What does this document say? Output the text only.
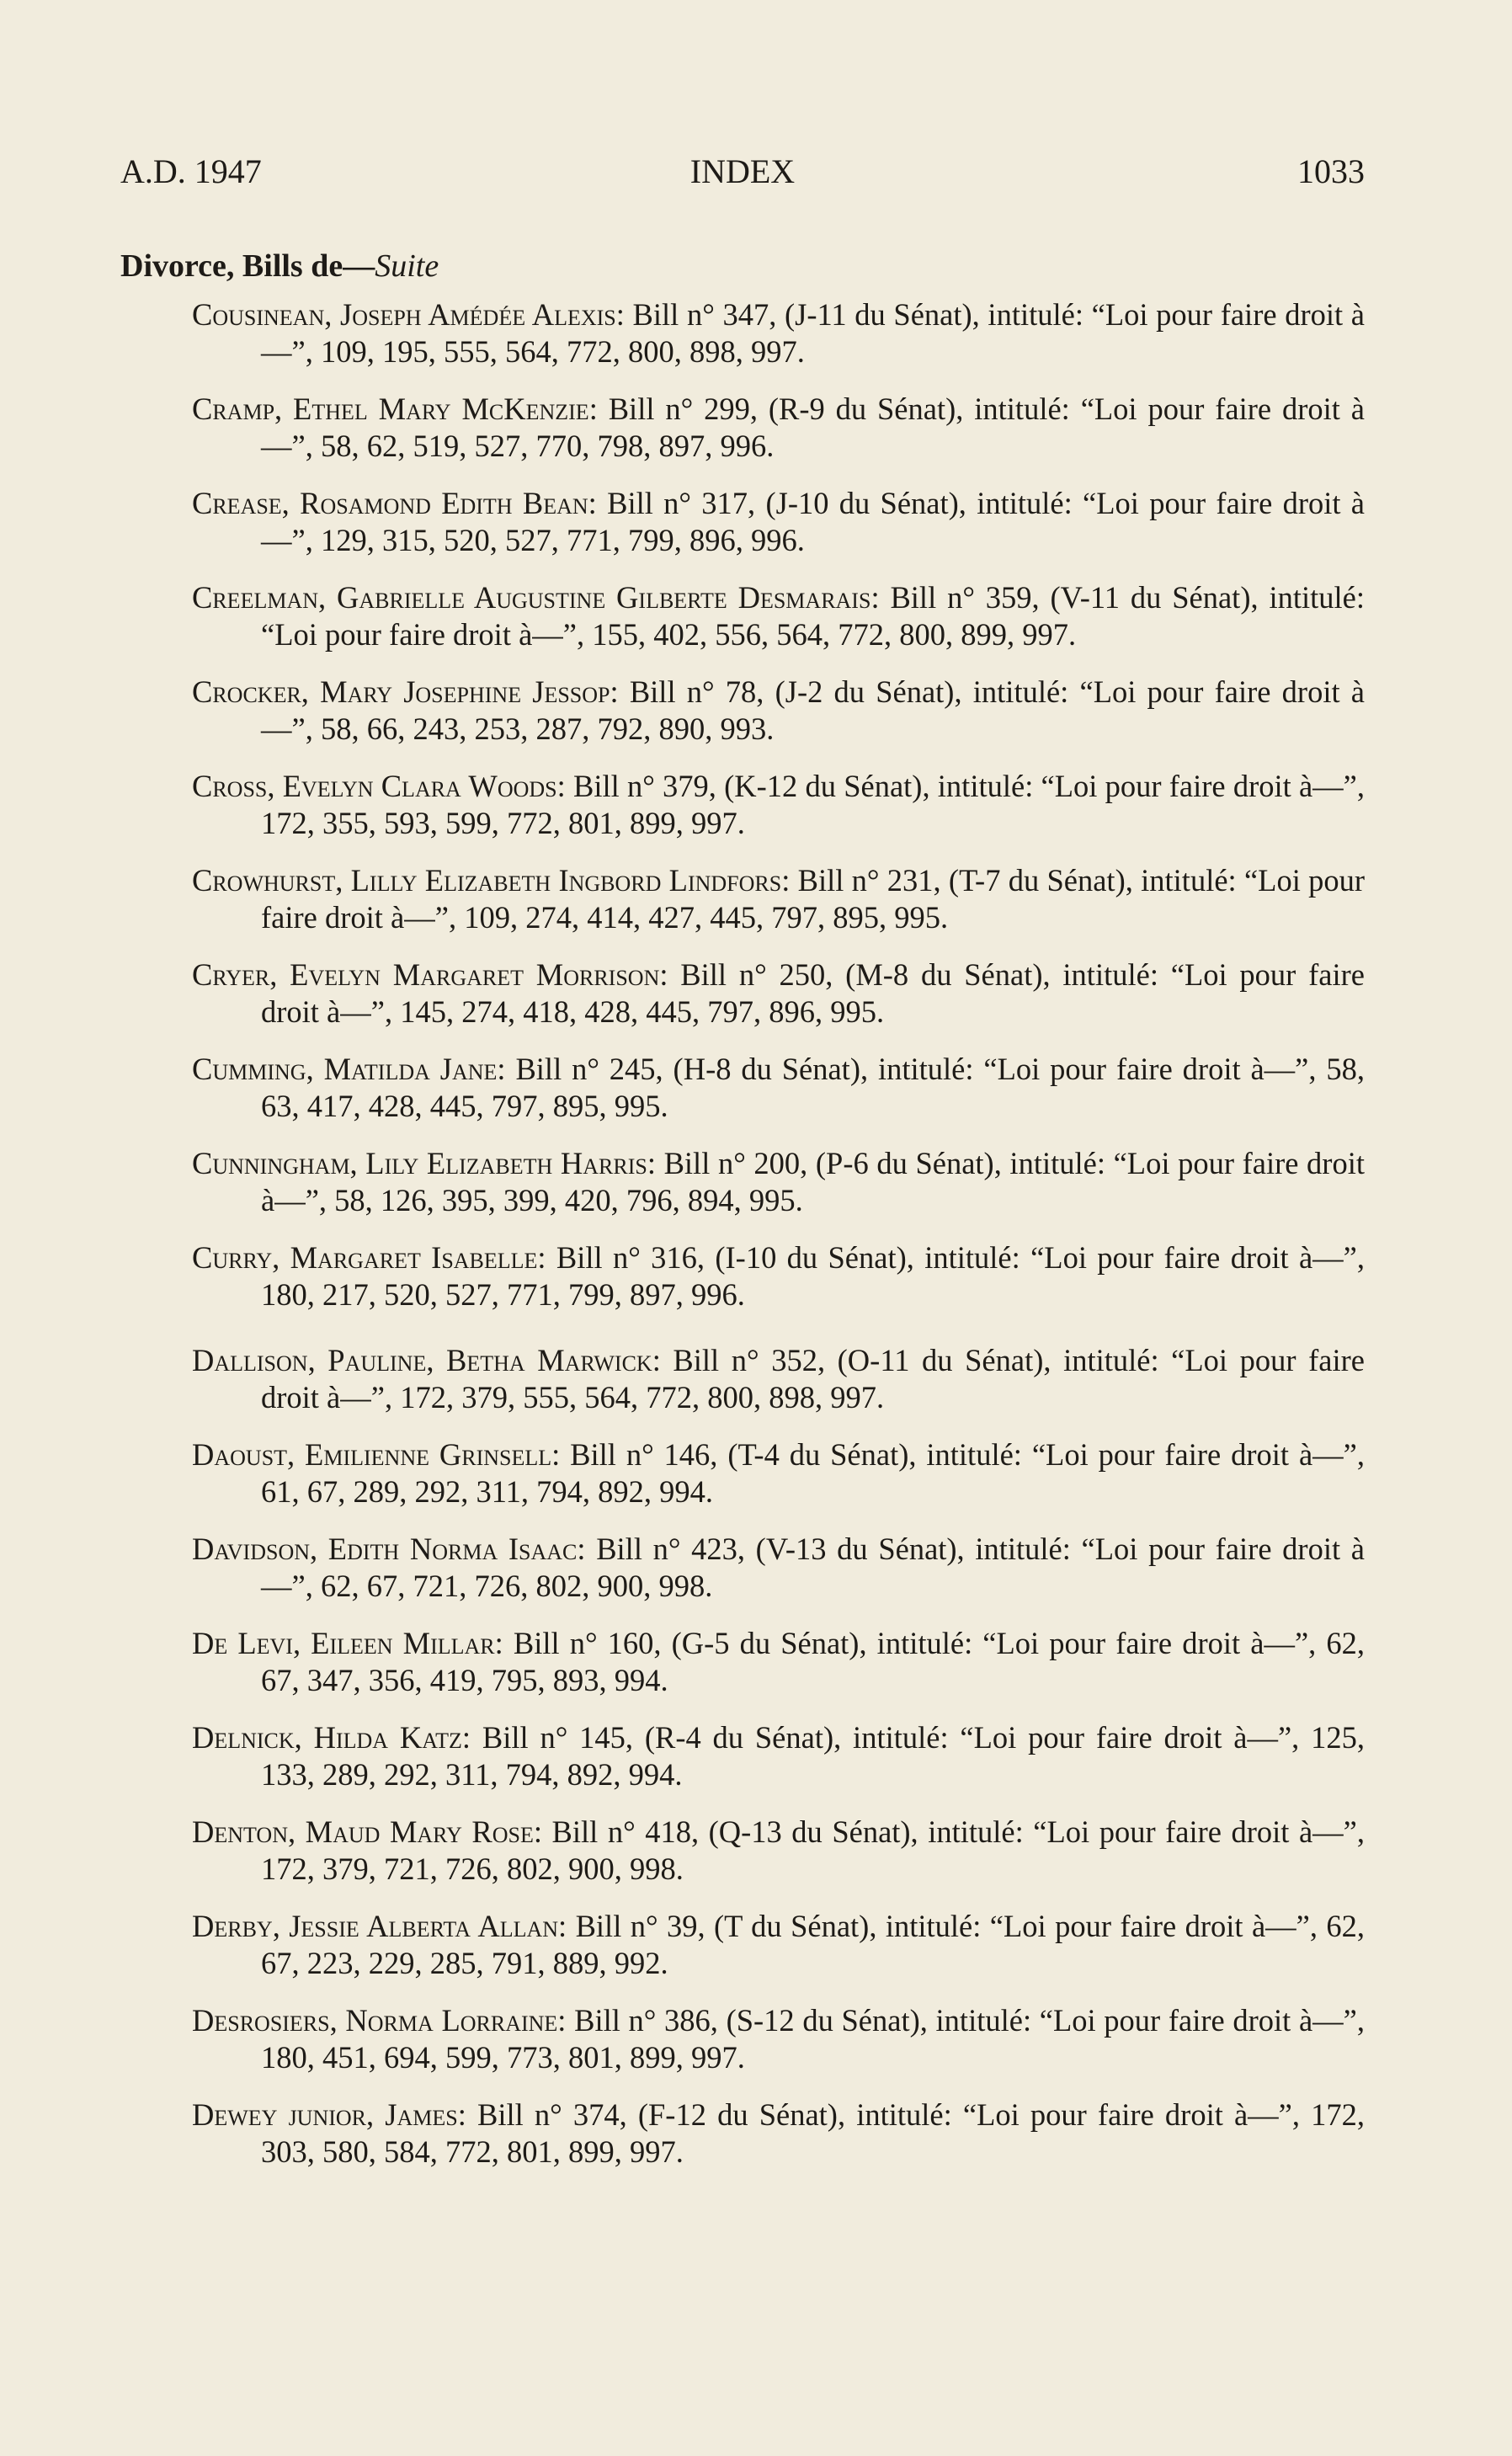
A.D. 1947	INDEX	1033
Divorce, Bills de—Suite
Cousinean, Joseph Amédée Alexis: Bill n° 347, (J-11 du Sénat), intitulé: “Loi pour faire droit à—”, 109, 195, 555, 564, 772, 800, 898, 997.
Cramp, Ethel Mary McKenzie: Bill n° 299, (R-9 du Sénat), intitulé: “Loi pour faire droit à—”, 58, 62, 519, 527, 770, 798, 897, 996.
Crease, Rosamond Edith Bean: Bill n° 317, (J-10 du Sénat), intitulé: “Loi pour faire droit à—”, 129, 315, 520, 527, 771, 799, 896, 996.
Creelman, Gabrielle Augustine Gilberte Desmarais: Bill n° 359, (V-11 du Sénat), intitulé: “Loi pour faire droit à—”, 155, 402, 556, 564, 772, 800, 899, 997.
Crocker, Mary Josephine Jessop: Bill n° 78, (J-2 du Sénat), intitulé: “Loi pour faire droit à—”, 58, 66, 243, 253, 287, 792, 890, 993.
Cross, Evelyn Clara Woods: Bill n° 379, (K-12 du Sénat), intitulé: “Loi pour faire droit à—”, 172, 355, 593, 599, 772, 801, 899, 997.
Crowhurst, Lilly Elizabeth Ingbord Lindfors: Bill n° 231, (T-7 du Sénat), intitulé: “Loi pour faire droit à—”, 109, 274, 414, 427, 445, 797, 895, 995.
Cryer, Evelyn Margaret Morrison: Bill n° 250, (M-8 du Sénat), intitulé: “Loi pour faire droit à—”, 145, 274, 418, 428, 445, 797, 896, 995.
Cumming, Matilda Jane: Bill n° 245, (H-8 du Sénat), intitulé: “Loi pour faire droit à—”, 58, 63, 417, 428, 445, 797, 895, 995.
Cunningham, Lily Elizabeth Harris: Bill n° 200, (P-6 du Sénat), intitulé: “Loi pour faire droit à—”, 58, 126, 395, 399, 420, 796, 894, 995.
Curry, Margaret Isabelle: Bill n° 316, (I-10 du Sénat), intitulé: “Loi pour faire droit à—”, 180, 217, 520, 527, 771, 799, 897, 996.
Dallison, Pauline, Betha Marwick: Bill n° 352, (O-11 du Sénat), intitulé: “Loi pour faire droit à—”, 172, 379, 555, 564, 772, 800, 898, 997.
Daoust, Emilienne Grinsell: Bill n° 146, (T-4 du Sénat), intitulé: “Loi pour faire droit à—”, 61, 67, 289, 292, 311, 794, 892, 994.
Davidson, Edith Norma Isaac: Bill n° 423, (V-13 du Sénat), intitulé: “Loi pour faire droit à—”, 62, 67, 721, 726, 802, 900, 998.
De Levi, Eileen Millar: Bill n° 160, (G-5 du Sénat), intitulé: “Loi pour faire droit à—”, 62, 67, 347, 356, 419, 795, 893, 994.
Delnick, Hilda Katz: Bill n° 145, (R-4 du Sénat), intitulé: “Loi pour faire droit à—”, 125, 133, 289, 292, 311, 794, 892, 994.
Denton, Maud Mary Rose: Bill n° 418, (Q-13 du Sénat), intitulé: “Loi pour faire droit à—”, 172, 379, 721, 726, 802, 900, 998.
Derby, Jessie Alberta Allan: Bill n° 39, (T du Sénat), intitulé: “Loi pour faire droit à—”, 62, 67, 223, 229, 285, 791, 889, 992.
Desrosiers, Norma Lorraine: Bill n° 386, (S-12 du Sénat), intitulé: “Loi pour faire droit à—”, 180, 451, 694, 599, 773, 801, 899, 997.
Dewey junior, James: Bill n° 374, (F-12 du Sénat), intitulé: “Loi pour faire droit à—”, 172, 303, 580, 584, 772, 801, 899, 997.
